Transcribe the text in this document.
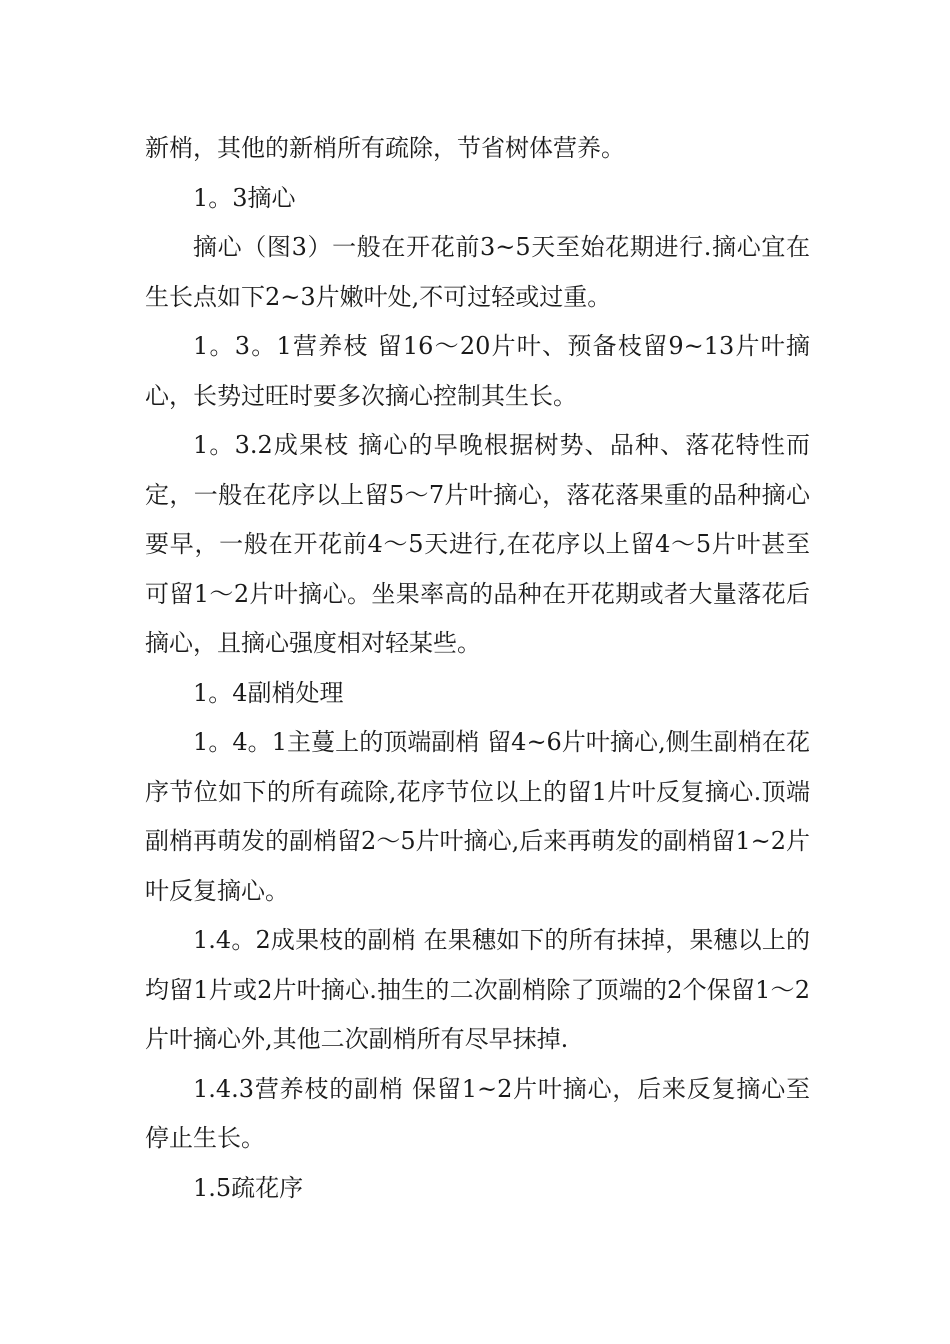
新梢，其他的新梢所有疏除，节省树体营养。

1。3摘心

摘心（图3）一般在开花前3~5天至始花期进行.摘心宜在生长点如下2~3片嫩叶处,不可过轻或过重。

1。3。1营养枝 留16～20片叶、预备枝留9~13片叶摘心，长势过旺时要多次摘心控制其生长。

1。3.2成果枝 摘心的早晚根据树势、品种、落花特性而定，一般在花序以上留5～7片叶摘心，落花落果重的品种摘心要早，一般在开花前4～5天进行,在花序以上留4～5片叶甚至可留1～2片叶摘心。坐果率高的品种在开花期或者大量落花后摘心，且摘心强度相对轻某些。

1。4副梢处理

1。4。1主蔓上的顶端副梢 留4~6片叶摘心,侧生副梢在花序节位如下的所有疏除,花序节位以上的留1片叶反复摘心.顶端副梢再萌发的副梢留2～5片叶摘心,后来再萌发的副梢留1~2片叶反复摘心。

1.4。2成果枝的副梢 在果穗如下的所有抹掉，果穗以上的均留1片或2片叶摘心.抽生的二次副梢除了顶端的2个保留1～2片叶摘心外,其他二次副梢所有尽早抹掉.

1.4.3营养枝的副梢 保留1~2片叶摘心，后来反复摘心至停止生长。

1.5疏花序
